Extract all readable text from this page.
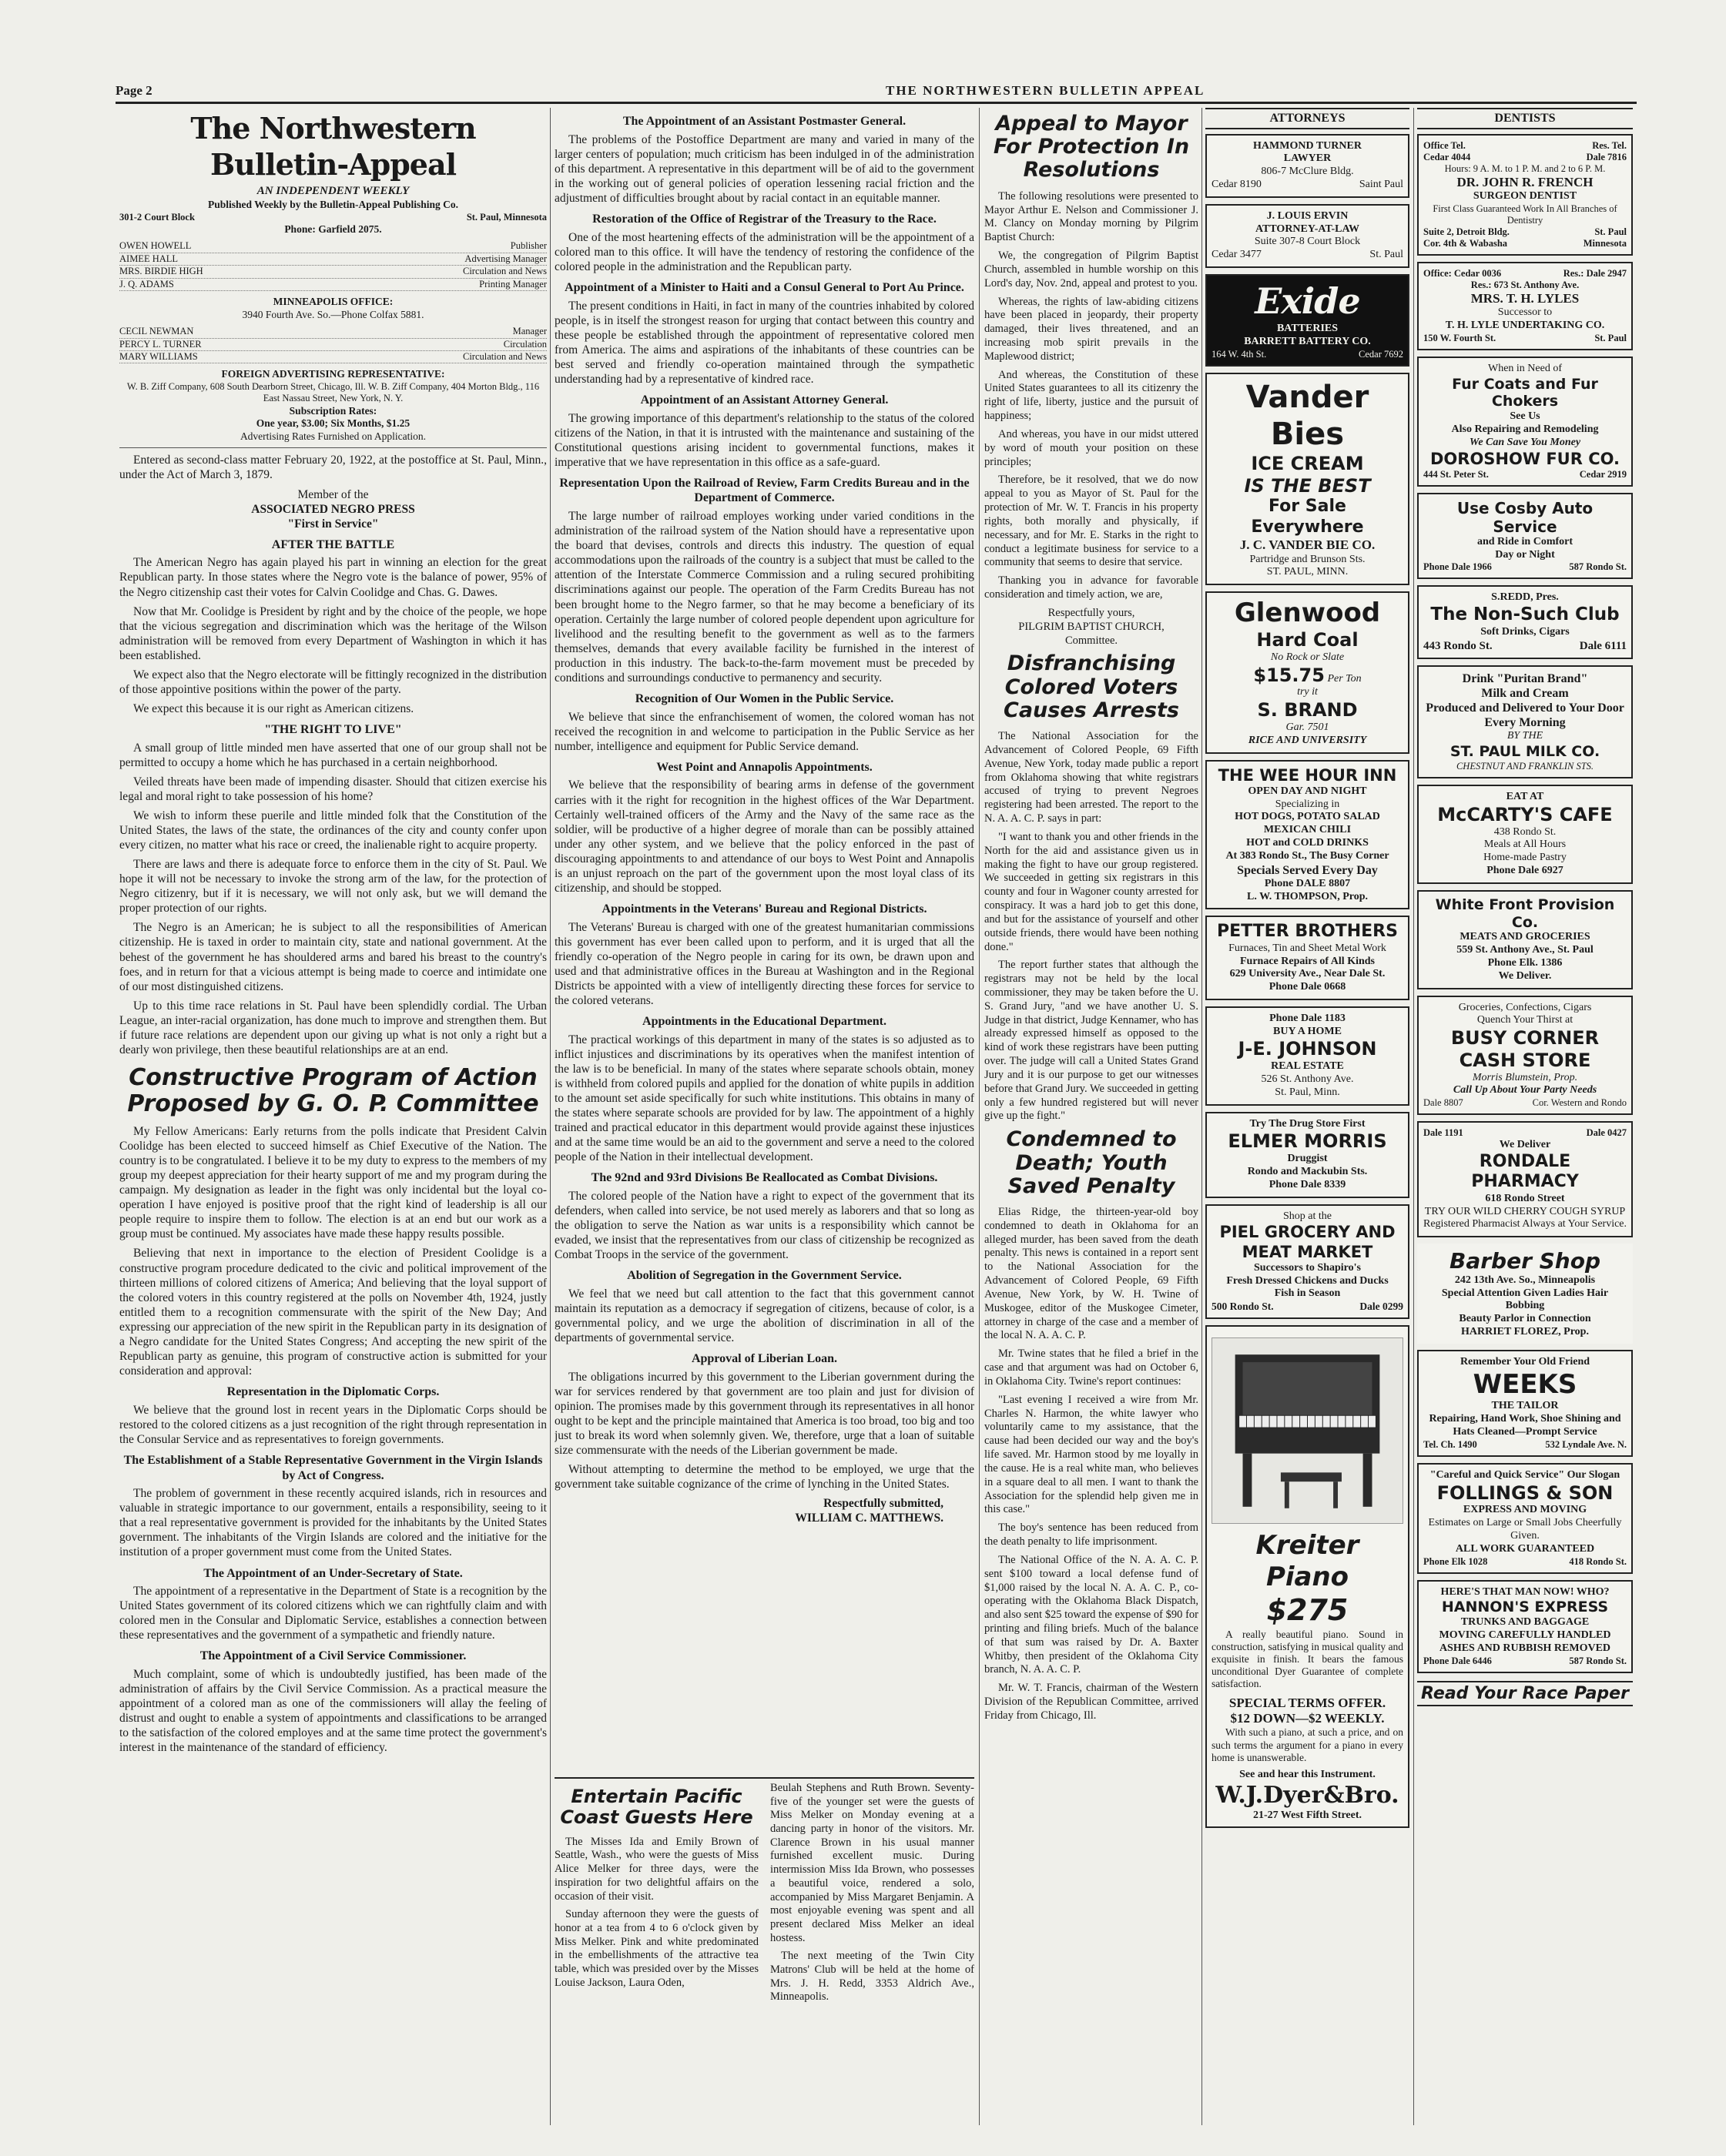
Page 2	THE NORTHWESTERN BULLETIN APPEAL
The Northwestern Bulletin-Appeal
AN INDEPENDENT WEEKLY
Published Weekly by the Bulletin-Appeal Publishing Co.
301-2 Court Block	St. Paul, Minnesota
Phone: Garfield 2075.
OWEN HOWELL	Publisher
AIMEE HALL	Advertising Manager
MRS. BIRDIE HIGH	Circulation and News
J. Q. ADAMS	Printing Manager
MINNEAPOLIS OFFICE:
3940 Fourth Ave. So.—Phone Colfax 5881.
CECIL NEWMAN	Manager
PERCY L. TURNER	Circulation
MARY WILLIAMS	Circulation and News
FOREIGN ADVERTISING REPRESENTATIVE:
W. B. Ziff Company, 608 South Dearborn Street, Chicago, Ill. W. B. Ziff Company, 404 Morton Bldg., 116 East Nassau Street, New York, N. Y.
Subscription Rates:
One year, $3.00; Six Months, $1.25
Advertising Rates Furnished on Application.

Entered as second-class matter February 20, 1922, at the postoffice at St. Paul, Minn., under the Act of March 3, 1879.

Member of the
ASSOCIATED NEGRO PRESS
"First in Service"
AFTER THE BATTLE

The American Negro has again played his part in winning an election for the great Republican party. In those states where the Negro vote is the balance of power, 95% of the Negro citizenship cast their votes for Calvin Coolidge and Chas. G. Dawes.

Now that Mr. Coolidge is President by right and by the choice of the people, we hope that the vicious segregation and discrimination which was the heritage of the Wilson administration will be removed from every Department of Washington in which it has been established.

We expect also that the Negro electorate will be fittingly recognized in the distribution of those appointive positions within the power of the party.

We expect this because it is our right as American citizens.

"THE RIGHT TO LIVE"

A small group of little minded men have asserted that one of our group shall not be permitted to occupy a home which he has purchased in a certain neighborhood.

Veiled threats have been made of impending disaster. Should that citizen exercise his legal and moral right to take possession of his home?

We wish to inform these puerile and little minded folk that the Constitution of the United States, the laws of the state, the ordinances of the city and county confer upon every citizen, no matter what his race or creed, the inalienable right to acquire property.

There are laws and there is adequate force to enforce them in the city of St. Paul. We hope it will not be necessary to invoke the strong arm of the law, for the protection of Negro citizenry, but if it is necessary, we will not only ask, but we will demand the proper protection of our rights.

The Negro is an American; he is subject to all the responsibilities of American citizenship. He is taxed in order to maintain city, state and national government. At the behest of the government he has shouldered arms and bared his breast to the country's foes, and in return for that a vicious attempt is being made to coerce and intimidate one of our most distinguished citizens.

Up to this time race relations in St. Paul have been splendidly cordial. The Urban League, an inter-racial organization, has done much to improve and strengthen them. But if future race relations are dependent upon our giving up what is not only a right but a dearly won privilege, then these beautiful relationships are at an end.

Constructive Program of Action Proposed by G. O. P. Committee

My Fellow Americans: Early returns from the polls indicate that President Calvin Coolidge has been elected to succeed himself as Chief Executive of the Nation. The country is to be congratulated. I believe it to be my duty to express to the members of my group my deepest appreciation for their hearty support of me and my program during the campaign. My designation as leader in the fight was only incidental but the loyal co-operation I have enjoyed is positive proof that the right kind of leadership is all our people require to inspire them to follow. The election is at an end but our work as a group must be continued. My associates have made these happy results possible.

Believing that next in importance to the election of President Coolidge is a constructive program procedure dedicated to the civic and political improvement of the thirteen millions of colored citizens of America; And believing that the loyal support of the colored voters in this country registered at the polls on November 4th, 1924, justly entitled them to a recognition commensurate with the spirit of the New Day; And expressing our appreciation of the new spirit in the Republican party in its designation of a Negro candidate for the United States Congress; And accepting the new spirit of the Republican party as genuine, this program of constructive action is submitted for your consideration and approval:

Representation in the Diplomatic Corps.

We believe that the ground lost in recent years in the Diplomatic Corps should be restored to the colored citizens as a just recognition of the right through representation in the Consular Service and as representatives to foreign governments.

The Establishment of a Stable Representative Government in the Virgin Islands by Act of Congress.

The problem of government in these recently acquired islands, rich in resources and valuable in strategic importance to our government, entails a responsibility, seeing to it that a real representative government is provided for the inhabitants by the United States government. The inhabitants of the Virgin Islands are colored and the initiative for the institution of a proper government must come from the United States.

The Appointment of an Under-Secretary of State.

The appointment of a representative in the Department of State is a recognition by the United States government of its colored citizens which we can rightfully claim and with colored men in the Consular and Diplomatic Service, establishes a connection between these representatives and the government of a sympathetic and friendly nature.

The Appointment of a Civil Service Commissioner.

Much complaint, some of which is undoubtedly justified, has been made of the administration of affairs by the Civil Service Commission. As a practical measure the appointment of a colored man as one of the commissioners will allay the feeling of distrust and ought to enable a system of appointments and classifications to be arranged to the satisfaction of the colored employes and at the same time protect the government's interest in the maintenance of the standard of efficiency.

The Appointment of an Assistant Postmaster General.

The problems of the Postoffice Department are many and varied in many of the larger centers of population; much criticism has been indulged in of the administration of this department. A representative in this department will be of aid to the government in the working out of general policies of operation lessening racial friction and the adjustment of difficulties brought about by racial contact in an equitable manner.

Restoration of the Office of Registrar of the Treasury to the Race.

One of the most heartening effects of the administration will be the appointment of a colored man to this office. It will have the tendency of restoring the confidence of the colored people in the administration and the Republican party.

Appointment of a Minister to Haiti and a Consul General to Port Au Prince.

The present conditions in Haiti, in fact in many of the countries inhabited by colored people, is in itself the strongest reason for urging that contact between this country and these people be established through the appointment of representative colored men from America. The aims and aspirations of the inhabitants of these countries can be best served and friendly co-operation maintained through the sympathetic understanding had by a representative of kindred race.

Appointment of an Assistant Attorney General.

The growing importance of this department's relationship to the status of the colored citizens of the Nation, in that it is intrusted with the maintenance and sustaining of the Constitutional questions arising incident to governmental functions, makes it imperative that we have representation in this office as a safe-guard.

Representation Upon the Railroad of Review, Farm Credits Bureau and in the Department of Commerce.

The large number of railroad employes working under varied conditions in the administration of the railroad system of the Nation should have a representative upon the board that devises, controls and directs this industry. The question of equal accommodations upon the railroads of the country is a subject that must be called to the attention of the Interstate Commerce Commission and a ruling secured prohibiting discriminations against our people. The operation of the Farm Credits Bureau has not been brought home to the Negro farmer, so that he may become a beneficiary of its operation. Certainly the large number of colored people dependent upon agriculture for livelihood and the resulting benefit to the government as well as to the farmers themselves, demands that every available facility be furnished in the interest of production in this industry. The back-to-the-farm movement must be preceded by conditions and surroundings conductive to permanency and security.

Recognition of Our Women in the Public Service.

We believe that since the enfranchisement of women, the colored woman has not received the recognition in and welcome to participation in the Public Service as her number, intelligence and equipment for Public Service demand.

West Point and Annapolis Appointments.

We believe that the responsibility of bearing arms in defense of the government carries with it the right for recognition in the highest offices of the War Department. Certainly well-trained officers of the Army and the Navy of the same race as the soldier, will be productive of a higher degree of morale than can be possibly attained under any other system, and we believe that the policy enforced in the past of discouraging appointments to and attendance of our boys to West Point and Annapolis is an unjust reproach on the part of the government upon the most loyal class of its citizenship, and should be stopped.

Appointments in the Veterans' Bureau and Regional Districts.

The Veterans' Bureau is charged with one of the greatest humanitarian commissions this government has ever been called upon to perform, and it is urged that all the friendly co-operation of the Negro people in caring for its own, be drawn upon and used and that administrative offices in the Bureau at Washington and in the Regional Districts be appointed with a view of intelligently directing these forces for service to the colored veterans.

Appointments in the Educational Department.

The practical workings of this department in many of the states is so adjusted as to inflict injustices and discriminations by its operatives when the manifest intention of the law is to be beneficial. In many of the states where separate schools obtain, money is withheld from colored pupils and applied for the donation of white pupils in addition to the amount set aside specifically for such white institutions. This obtains in many of the states where separate schools are provided for by law. The appointment of a highly trained and practical educator in this department would provide against these injustices and at the same time would be an aid to the government and serve a need to the colored people of the Nation in their intellectual development.

The 92nd and 93rd Divisions Be Reallocated as Combat Divisions.

The colored people of the Nation have a right to expect of the government that its defenders, when called into service, be not used merely as laborers and that so long as the obligation to serve the Nation as war units is a responsibility which cannot be evaded, we insist that the representatives from our class of citizenship be recognized as Combat Troops in the service of the government.

Abolition of Segregation in the Government Service.

We feel that we need but call attention to the fact that this government cannot maintain its reputation as a democracy if segregation of citizens, because of color, is a governmental policy, and we urge the abolition of discrimination in all of the departments of governmental service.

Approval of Liberian Loan.

The obligations incurred by this government to the Liberian government during the war for services rendered by that government are too plain and just for division of opinion. The promises made by this government through its representatives in all honor ought to be kept and the principle maintained that America is too broad, too big and too just to break its word when solemnly given. We, therefore, urge that a loan of suitable size commensurate with the needs of the Liberian government be made.

Without attempting to determine the method to be employed, we urge that the government take suitable cognizance of the crime of lynching in the United States.

Respectfully submitted,
WILLIAM C. MATTHEWS.
Entertain Pacific Coast Guests Here

The Misses Ida and Emily Brown of Seattle, Wash., who were the guests of Miss Alice Melker for three days, were the inspiration for two delightful affairs on the occasion of their visit.

Sunday afternoon they were the guests of honor at a tea from 4 to 6 o'clock given by Miss Melker. Pink and white predominated in the embellishments of the attractive tea table, which was presided over by the Misses Louise Jackson, Laura Oden,

Beulah Stephens and Ruth Brown. Seventy-five of the younger set were the guests of Miss Melker on Monday evening at a dancing party in honor of the visitors. Mr. Clarence Brown in his usual manner furnished excellent music. During intermission Miss Ida Brown, who possesses a beautiful voice, rendered a solo, accompanied by Miss Margaret Benjamin. A most enjoyable evening was spent and all present declared Miss Melker an ideal hostess.

The next meeting of the Twin City Matrons' Club will be held at the home of Mrs. J. H. Redd, 3353 Aldrich Ave., Minneapolis.

Appeal to Mayor For Protection In Resolutions

The following resolutions were presented to Mayor Arthur E. Nelson and Commissioner J. M. Clancy on Monday morning by Pilgrim Baptist Church:

We, the congregation of Pilgrim Baptist Church, assembled in humble worship on this Lord's day, Nov. 2nd, appeal and protest to you.

Whereas, the rights of law-abiding citizens have been placed in jeopardy, their property damaged, their lives threatened, and an increasing mob spirit prevails in the Maplewood district;

And whereas, the Constitution of these United States guarantees to all its citizenry the right of life, liberty, justice and the pursuit of happiness;

And whereas, you have in our midst uttered by word of mouth your position on these principles;

Therefore, be it resolved, that we do now appeal to you as Mayor of St. Paul for the protection of Mr. W. T. Francis in his property rights, both morally and physically, if necessary, and for Mr. E. Starks in the right to conduct a legitimate business for service to a community that seems to desire that service.

Thanking you in advance for favorable consideration and timely action, we are,

Respectfully yours,
PILGRIM BAPTIST CHURCH,
Committee.
Disfranchising Colored Voters Causes Arrests

The National Association for the Advancement of Colored People, 69 Fifth Avenue, New York, today made public a report from Oklahoma showing that white registrars accused of trying to prevent Negroes registering had been arrested. The report to the N. A. A. C. P. says in part:

"I want to thank you and other friends in the North for the aid and assistance given us in making the fight to have our group registered. We succeeded in getting six registrars in this county and four in Wagoner county arrested for conspiracy. It was a hard job to get this done, and but for the assistance of yourself and other outside friends, there would have been nothing done."

The report further states that although the registrars may not be held by the local commissioner, they may be taken before the U. S. Grand Jury, "and we have another U. S. Judge in that district, Judge Kennamer, who has already expressed himself as opposed to the kind of work these registrars have been putting over. The judge will call a United States Grand Jury and it is our purpose to get our witnesses before that Grand Jury. We succeeded in getting only a few hundred registered but will never give up the fight."

Condemned to Death; Youth Saved Penalty

Elias Ridge, the thirteen-year-old boy condemned to death in Oklahoma for an alleged murder, has been saved from the death penalty. This news is contained in a report sent to the National Association for the Advancement of Colored People, 69 Fifth Avenue, New York, by W. H. Twine of Muskogee, editor of the Muskogee Cimeter, attorney in charge of the case and a member of the local N. A. A. C. P.

Mr. Twine states that he filed a brief in the case and that argument was had on October 6, in Oklahoma City. Twine's report continues:

"Last evening I received a wire from Mr. Charles N. Harmon, the white lawyer who voluntarily came to my assistance, that the cause had been decided our way and the boy's life saved. Mr. Harmon stood by me loyally in the cause. He is a real white man, who believes in a square deal to all men. I want to thank the Association for the splendid help given me in this case."

The boy's sentence has been reduced from the death penalty to life imprisonment.

The National Office of the N. A. A. C. P. sent $100 toward a local defense fund of $1,000 raised by the local N. A. A. C. P., co-operating with the Oklahoma Black Dispatch, and also sent $25 toward the expense of $90 for printing and filing briefs. Much of the balance of that sum was raised by Dr. A. Baxter Whitby, then president of the Oklahoma City branch, N. A. A. C. P.

Mr. W. T. Francis, chairman of the Western Division of the Republican Committee, arrived Friday from Chicago, Ill.

ATTORNEYS
HAMMOND TURNER
LAWYER
806-7 McClure Bldg.
Cedar 8190	Saint Paul
J. LOUIS ERVIN
ATTORNEY-AT-LAW
Suite 307-8 Court Block
Cedar 3477	St. Paul
Exide
BATTERIES
BARRETT BATTERY CO.
164 W. 4th St.	Cedar 7692
Vander Bies
ICE CREAM
IS THE BEST
For Sale Everywhere
J. C. VANDER BIE CO.
Partridge and Brunson Sts.
ST. PAUL, MINN.
Glenwood
Hard Coal
No Rock or Slate
$15.75 Per Ton
try it
S. BRAND
Gar. 7501
RICE AND UNIVERSITY
THE WEE HOUR INN
OPEN DAY AND NIGHT
Specializing in
HOT DOGS, POTATO SALAD
MEXICAN CHILI
HOT and COLD DRINKS
At 383 Rondo St., The Busy Corner
Specials Served Every Day
Phone DALE 8807
L. W. THOMPSON, Prop.
PETTER BROTHERS
Furnaces, Tin and Sheet Metal Work
Furnace Repairs of All Kinds
629 University Ave., Near Dale St.
Phone Dale 0668
Phone Dale 1183
BUY A HOME
J-E. JOHNSON
REAL ESTATE
526 St. Anthony Ave.
St. Paul, Minn.
Try The Drug Store First
ELMER MORRIS
Druggist
Rondo and Mackubin Sts.
Phone Dale 8339
Shop at the
PIEL GROCERY AND MEAT MARKET
Successors to Shapiro's
Fresh Dressed Chickens and Ducks
Fish in Season
500 Rondo St.	Dale 0299
Kreiter Piano
$275

A really beautiful piano. Sound in construction, satisfying in musical quality and exquisite in finish. It bears the famous unconditional Dyer Guarantee of complete satisfaction.

SPECIAL TERMS OFFER.
$12 DOWN—$2 WEEKLY.

With such a piano, at such a price, and on such terms the argument for a piano in every home is unanswerable.

See and hear this Instrument.
W.J.Dyer&Bro.
21-27 West Fifth Street.
DENTISTS
Office Tel.	Res. Tel.
Cedar 4044	Dale 7816
Hours: 9 A. M. to 1 P. M. and 2 to 6 P. M.
DR. JOHN R. FRENCH
SURGEON DENTIST
First Class Guaranteed Work In All Branches of Dentistry
Suite 2, Detroit Bldg.	St. Paul
Cor. 4th & Wabasha	Minnesota
Office: Cedar 0036	Res.: Dale 2947
Res.: 673 St. Anthony Ave.
MRS. T. H. LYLES
Successor to
T. H. LYLE UNDERTAKING CO.
150 W. Fourth St.	St. Paul
When in Need of
Fur Coats and Fur Chokers
See Us
Also Repairing and Remodeling
We Can Save You Money
DOROSHOW FUR CO.
444 St. Peter St.	Cedar 2919
Use Cosby Auto Service
and Ride in Comfort
Day or Night
Phone Dale 1966	587 Rondo St.
S.REDD, Pres.
The Non-Such Club
Soft Drinks, Cigars
443 Rondo St.	Dale 6111
Drink "Puritan Brand"
Milk and Cream
Produced and Delivered to Your Door Every Morning
BY THE
ST. PAUL MILK CO.
CHESTNUT AND FRANKLIN STS.
EAT AT
McCARTY'S CAFE
438 Rondo St.
Meals at All Hours
Home-made Pastry
Phone Dale 6927
White Front Provision Co.
MEATS AND GROCERIES
559 St. Anthony Ave., St. Paul
Phone Elk. 1386
We Deliver.
Groceries, Confections, Cigars
Quench Your Thirst at
BUSY CORNER
CASH STORE
Morris Blumstein, Prop.
Call Up About Your Party Needs
Dale 8807	Cor. Western and Rondo
Dale 1191	Dale 0427
We Deliver
RONDALE PHARMACY
618 Rondo Street
TRY OUR WILD CHERRY COUGH SYRUP
Registered Pharmacist Always at Your Service.
Barber Shop
242 13th Ave. So., Minneapolis
Special Attention Given Ladies Hair Bobbing
Beauty Parlor in Connection
HARRIET FLOREZ, Prop.
Remember Your Old Friend
WEEKS
THE TAILOR
Repairing, Hand Work, Shoe Shining and Hats Cleaned—Prompt Service
Tel. Ch. 1490	532 Lyndale Ave. N.
"Careful and Quick Service" Our Slogan
FOLLINGS & SON
EXPRESS AND MOVING
Estimates on Large or Small Jobs Cheerfully Given.
ALL WORK GUARANTEED
Phone Elk 1028	418 Rondo St.
HERE'S THAT MAN NOW! WHO?
HANNON'S EXPRESS
TRUNKS AND BAGGAGE
MOVING CAREFULLY HANDLED
ASHES AND RUBBISH REMOVED
Phone Dale 6446	587 Rondo St.
Read Your Race Paper
